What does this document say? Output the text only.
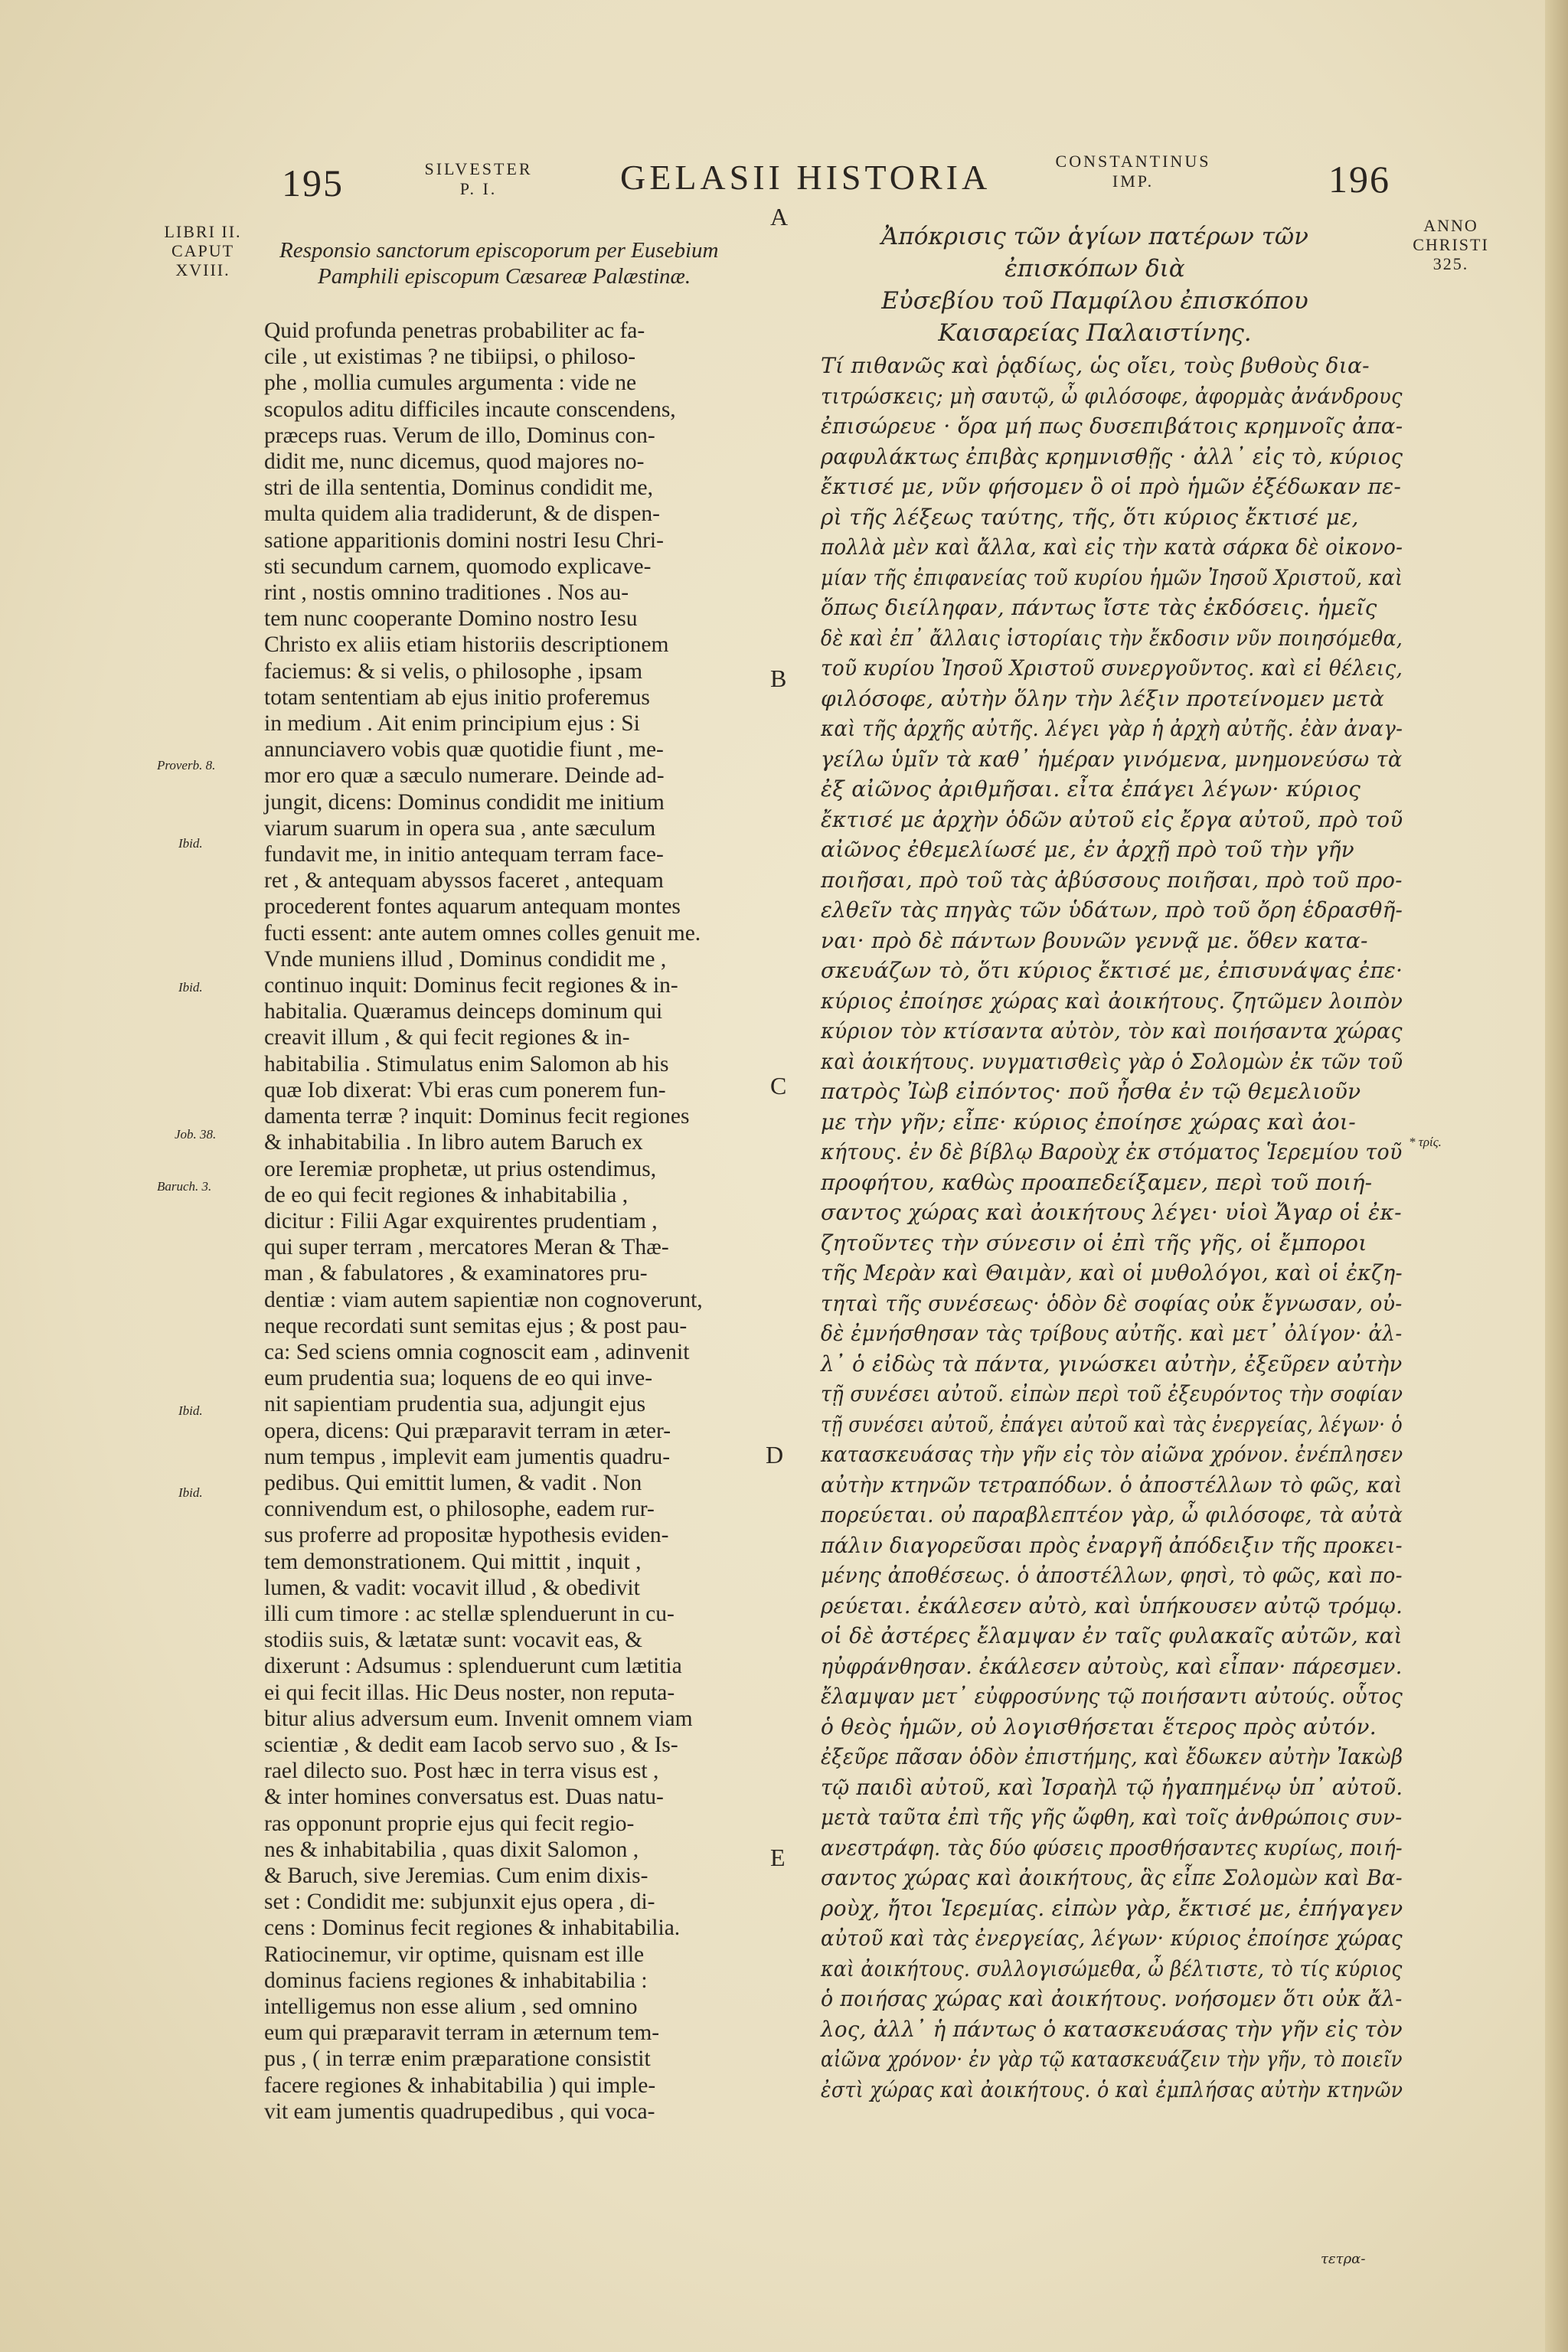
195	SILVESTER P. I.	GELASII HISTORIA	CONSTANTINUS IMP.	196
LIBRI II. CAPUT XVIII.
ANNO CHRISTI 325.
Responsio sanctorum episcoporum per Eusebium
Pamphili episcopum Cæsareæ Palæstinæ.
Ἀπόκρισις τῶν ἁγίων πατέρων τῶν ἐπισκόπων διὰ
Εὐσεβίου τοῦ Παμφίλου ἐπισκόπου
Καισαρείας Παλαιστίνης.

Quid profunda penetras probabiliter ac fa-

cile , ut existimas ? ne tibiipsi, o philoso-

phe , mollia cumules argumenta : vide ne

scopulos aditu difficiles incaute conscendens,

præceps ruas. Verum de illo, Dominus con-

didit me, nunc dicemus, quod majores no-

stri de illa sententia, Dominus condidit me,

multa quidem alia tradiderunt, & de dispen-

satione apparitionis domini nostri Iesu Chri-

sti secundum carnem, quomodo explicave-

rint , nostis omnino traditiones . Nos au-

tem nunc cooperante Domino nostro Iesu

Christo ex aliis etiam historiis descriptionem

faciemus: & si velis, o philosophe , ipsam

totam sententiam ab ejus initio proferemus

in medium . Ait enim principium ejus : Si

annunciavero vobis quæ quotidie fiunt , me-

mor ero quæ a sæculo numerare. Deinde ad-

jungit, dicens: Dominus condidit me initium

viarum suarum in opera sua , ante sæculum

fundavit me, in initio antequam terram face-

ret , & antequam abyssos faceret , antequam

procederent fontes aquarum antequam montes

fucti essent: ante autem omnes colles genuit me.

Vnde muniens illud , Dominus condidit me ,

continuo inquit: Dominus fecit regiones & in-

habitalia. Quæramus deinceps dominum qui

creavit illum , & qui fecit regiones & in-

habitabilia . Stimulatus enim Salomon ab his

quæ Iob dixerat: Vbi eras cum ponerem fun-

damenta terræ ? inquit: Dominus fecit regiones

& inhabitabilia . In libro autem Baruch ex

ore Ieremiæ prophetæ, ut prius ostendimus,

de eo qui fecit regiones & inhabitabilia ,

dicitur : Filii Agar exquirentes prudentiam ,

qui super terram , mercatores Meran & Thæ-

man , & fabulatores , & examinatores pru-

dentiæ : viam autem sapientiæ non cognoverunt,

neque recordati sunt semitas ejus ; & post pau-

ca: Sed sciens omnia cognoscit eam , adinvenit

eum prudentia sua; loquens de eo qui inve-

nit sapientiam prudentia sua, adjungit ejus

opera, dicens: Qui præparavit terram in æter-

num tempus , implevit eam jumentis quadru-

pedibus. Qui emittit lumen, & vadit . Non

connivendum est, o philosophe, eadem rur-

sus proferre ad propositæ hypothesis eviden-

tem demonstrationem. Qui mittit , inquit ,

lumen, & vadit: vocavit illud , & obedivit

illi cum timore : ac stellæ splenduerunt in cu-

stodiis suis, & lætatæ sunt: vocavit eas, &

dixerunt : Adsumus : splenduerunt cum lætitia

ei qui fecit illas. Hic Deus noster, non reputa-

bitur alius adversum eum. Invenit omnem viam

scientiæ , & dedit eam Iacob servo suo , & Is-

rael dilecto suo. Post hæc in terra visus est ,

& inter homines conversatus est. Duas natu-

ras opponunt proprie ejus qui fecit regio-

nes & inhabitabilia , quas dixit Salomon ,

& Baruch, sive Jeremias. Cum enim dixis-

set : Condidit me: subjunxit ejus opera , di-

cens : Dominus fecit regiones & inhabitabilia.

Ratiocinemur, vir optime, quisnam est ille

dominus faciens regiones & inhabitabilia :

intelligemus non esse alium , sed omnino

eum qui præparavit terram in æternum tem-

pus , ( in terræ enim præparatione consistit

facere regiones & inhabitabilia ) qui imple-

vit eam jumentis quadrupedibus , qui voca-

Τί πιθανῶς καὶ ῥᾳδίως, ὡς οἴει, τοὺς βυθοὺς δια-

τιτρώσκεις; μὴ σαυτῷ, ὦ φιλόσοφε, ἀφορμὰς ἀνάνδρους

ἐπισώρευε · ὅρα μή πως δυσεπιβάτοις κρημνοῖς ἀπα-

ραφυλάκτως ἐπιβὰς κρημνισθῇς · ἀλλ᾽ εἰς τὸ, κύριος

ἔκτισέ με, νῦν φήσομεν ὃ οἱ πρὸ ἡμῶν ἐξέδωκαν πε-

ρὶ τῆς λέξεως ταύτης, τῆς, ὅτι κύριος ἔκτισέ με,

πολλὰ μὲν καὶ ἄλλα, καὶ εἰς τὴν κατὰ σάρκα δὲ οἰκονο-

μίαν τῆς ἐπιφανείας τοῦ κυρίου ἡμῶν Ἰησοῦ Χριστοῦ, καὶ

ὅπως διείληφαν, πάντως ἴστε τὰς ἐκδόσεις. ἡμεῖς

δὲ καὶ ἐπ᾽ ἄλλαις ἱστορίαις τὴν ἔκδοσιν νῦν ποιησόμεθα,

τοῦ κυρίου Ἰησοῦ Χριστοῦ συνεργοῦντος. καὶ εἰ θέλεις,

φιλόσοφε, αὐτὴν ὅλην τὴν λέξιν προτείνομεν μετὰ

καὶ τῆς ἀρχῆς αὐτῆς. λέγει γὰρ ἡ ἀρχὴ αὐτῆς. ἐὰν ἀναγ-

γείλω ὑμῖν τὰ καθ᾽ ἡμέραν γινόμενα, μνημονεύσω τὰ

ἐξ αἰῶνος ἀριθμῆσαι. εἶτα ἐπάγει λέγων· κύριος

ἔκτισέ με ἀρχὴν ὁδῶν αὐτοῦ εἰς ἔργα αὐτοῦ, πρὸ τοῦ

αἰῶνος ἐθεμελίωσέ με, ἐν ἀρχῇ πρὸ τοῦ τὴν γῆν

ποιῆσαι, πρὸ τοῦ τὰς ἀβύσσους ποιῆσαι, πρὸ τοῦ προ-

ελθεῖν τὰς πηγὰς τῶν ὑδάτων, πρὸ τοῦ ὄρη ἑδρασθῆ-

ναι· πρὸ δὲ πάντων βουνῶν γεννᾷ με. ὅθεν κατα-

σκευάζων τὸ, ὅτι κύριος ἔκτισέ με, ἐπισυνάψας ἐπε·

κύριος ἐποίησε χώρας καὶ ἀοικήτους. ζητῶμεν λοιπὸν

κύριον τὸν κτίσαντα αὐτὸν, τὸν καὶ ποιήσαντα χώρας

καὶ ἀοικήτους. νυγματισθεὶς γὰρ ὁ Σολομὼν ἐκ τῶν τοῦ

πατρὸς Ἰὼβ εἰπόντος· ποῦ ἦσθα ἐν τῷ θεμελιοῦν

με τὴν γῆν; εἶπε· κύριος ἐποίησε χώρας καὶ ἀοι-

κήτους. ἐν δὲ βίβλῳ Βαροὺχ ἐκ στόματος Ἱερεμίου τοῦ

προφήτου, καθὼς προαπεδείξαμεν, περὶ τοῦ ποιή-

σαντος χώρας καὶ ἀοικήτους λέγει· υἱοὶ Ἄγαρ οἱ ἐκ-

ζητοῦντες τὴν σύνεσιν οἱ ἐπὶ τῆς γῆς, οἱ ἔμποροι

τῆς Μερὰν καὶ Θαιμὰν, καὶ οἱ μυθολόγοι, καὶ οἱ ἐκζη-

τηταὶ τῆς συνέσεως· ὁδὸν δὲ σοφίας οὐκ ἔγνωσαν, οὐ-

δὲ ἐμνήσθησαν τὰς τρίβους αὐτῆς. καὶ μετ᾽ ὀλίγον· ἀλ-

λ᾽ ὁ εἰδὼς τὰ πάντα, γινώσκει αὐτὴν, ἐξεῦρεν αὐτὴν

τῇ συνέσει αὐτοῦ. εἰπὼν περὶ τοῦ ἐξευρόντος τὴν σοφίαν

τῇ συνέσει αὐτοῦ, ἐπάγει αὐτοῦ καὶ τὰς ἐνεργείας, λέγων· ὁ

κατασκευάσας τὴν γῆν εἰς τὸν αἰῶνα χρόνον. ἐνέπλησεν

αὐτὴν κτηνῶν τετραπόδων. ὁ ἀποστέλλων τὸ φῶς, καὶ

πορεύεται. οὐ παραβλεπτέον γὰρ, ὦ φιλόσοφε, τὰ αὐτὰ

πάλιν διαγορεῦσαι πρὸς ἐναργῆ ἀπόδειξιν τῆς προκει-

μένης ἀποθέσεως. ὁ ἀποστέλλων, φησὶ, τὸ φῶς, καὶ πο-

ρεύεται. ἐκάλεσεν αὐτὸ, καὶ ὑπήκουσεν αὐτῷ τρόμῳ.

οἱ δὲ ἀστέρες ἔλαμψαν ἐν ταῖς φυλακαῖς αὐτῶν, καὶ

ηὐφράνθησαν. ἐκάλεσεν αὐτοὺς, καὶ εἶπαν· πάρεσμεν.

ἔλαμψαν μετ᾽ εὐφροσύνης τῷ ποιήσαντι αὐτούς. οὗτος

ὁ θεὸς ἡμῶν, οὐ λογισθήσεται ἕτερος πρὸς αὐτόν.

ἐξεῦρε πᾶσαν ὁδὸν ἐπιστήμης, καὶ ἔδωκεν αὐτὴν Ἰακὼβ

τῷ παιδὶ αὐτοῦ, καὶ Ἰσραὴλ τῷ ἠγαπημένῳ ὑπ᾽ αὐτοῦ.

μετὰ ταῦτα ἐπὶ τῆς γῆς ὤφθη, καὶ τοῖς ἀνθρώποις συν-

ανεστράφη. τὰς δύο φύσεις προσθήσαντες κυρίως, ποιή-

σαντος χώρας καὶ ἀοικήτους, ἃς εἶπε Σολομὼν καὶ Βα-

ροὺχ, ἤτοι Ἱερεμίας. εἰπὼν γὰρ, ἔκτισέ με, ἐπήγαγεν

αὐτοῦ καὶ τὰς ἐνεργείας, λέγων· κύριος ἐποίησε χώρας

καὶ ἀοικήτους. συλλογισώμεθα, ὦ βέλτιστε, τὸ τίς κύριος

ὁ ποιήσας χώρας καὶ ἀοικήτους. νοήσομεν ὅτι οὐκ ἄλ-

λος, ἀλλ᾽ ἡ πάντως ὁ κατασκευάσας τὴν γῆν εἰς τὸν

αἰῶνα χρόνον· ἐν γὰρ τῷ κατασκευάζειν τὴν γῆν, τὸ ποιεῖν

ἐστὶ χώρας καὶ ἀοικήτους. ὁ καὶ ἐμπλήσας αὐτὴν κτηνῶν

τετρα-
Proverb. 8.
Ibid.
Ibid.
Job. 38.
Baruch. 3.
Ibid.
Ibid.
A
B
C
D
E
* τρίς.
